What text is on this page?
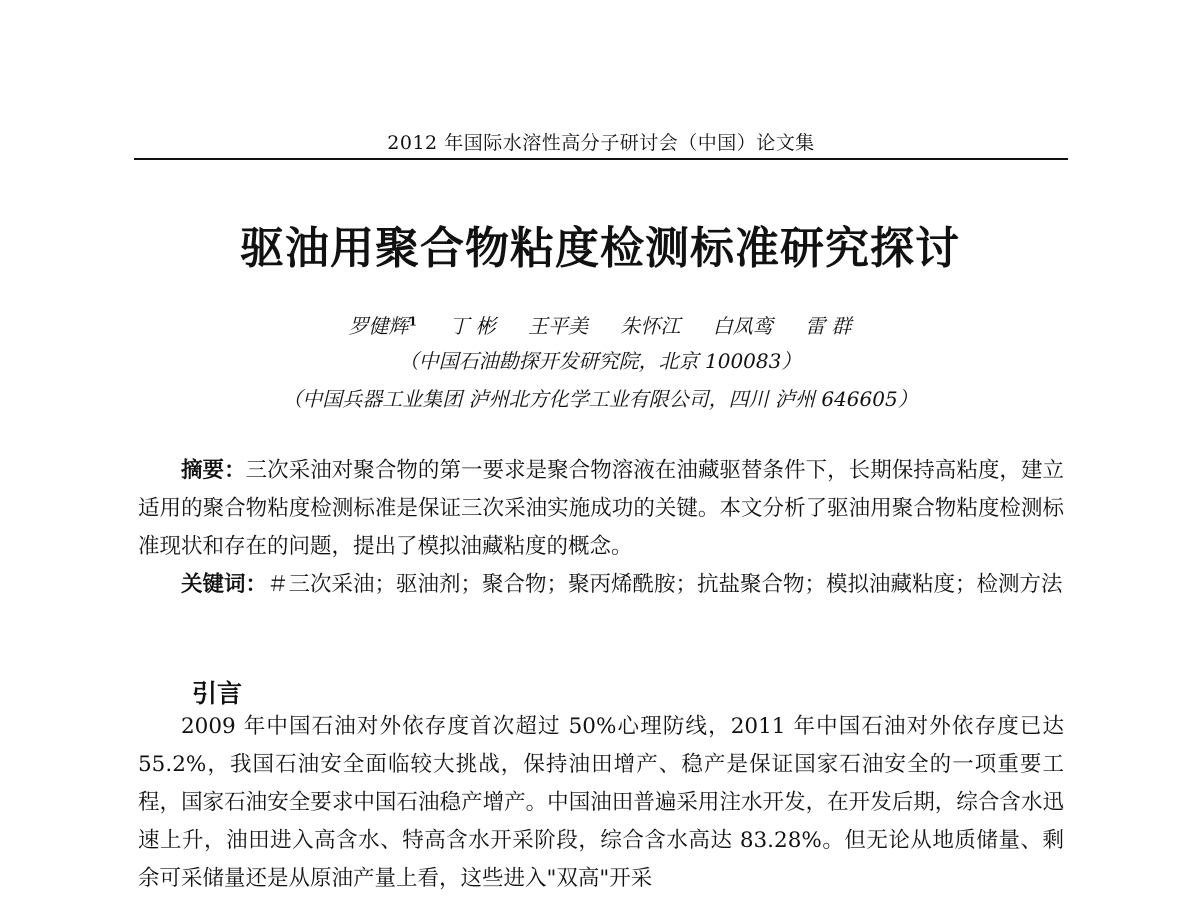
2012 年国际水溶性高分子研讨会（中国）论文集
驱油用聚合物粘度检测标准研究探讨
罗健辉$^1$ 丁 彬 王平美 朱怀江 白凤鸾 雷 群
（中国石油勘探开发研究院，北京 100083）
（中国兵器工业集团 泸州北方化学工业有限公司，四川 泸州 646605）

摘要：三次采油对聚合物的第一要求是聚合物溶液在油藏驱替条件下，长期保持高粘度，建立适用的聚合物粘度检测标准是保证三次采油实施成功的关键。本文分析了驱油用聚合物粘度检测标准现状和存在的问题，提出了模拟油藏粘度的概念。

关键词：＃三次采油；驱油剂；聚合物；聚丙烯酰胺；抗盐聚合物；模拟油藏粘度；检测方法

引言

2009 年中国石油对外依存度首次超过 50%心理防线，2011 年中国石油对外依存度已达 55.2%，我国石油安全面临较大挑战，保持油田增产、稳产是保证国家石油安全的一项重要工程，国家石油安全要求中国石油稳产增产。中国油田普遍采用注水开发，在开发后期，综合含水迅速上升，油田进入高含水、特高含水开采阶段，综合含水高达 83.28%。但无论从地质储量、剩余可采储量还是从原油产量上看，这些进入"双高"开采
